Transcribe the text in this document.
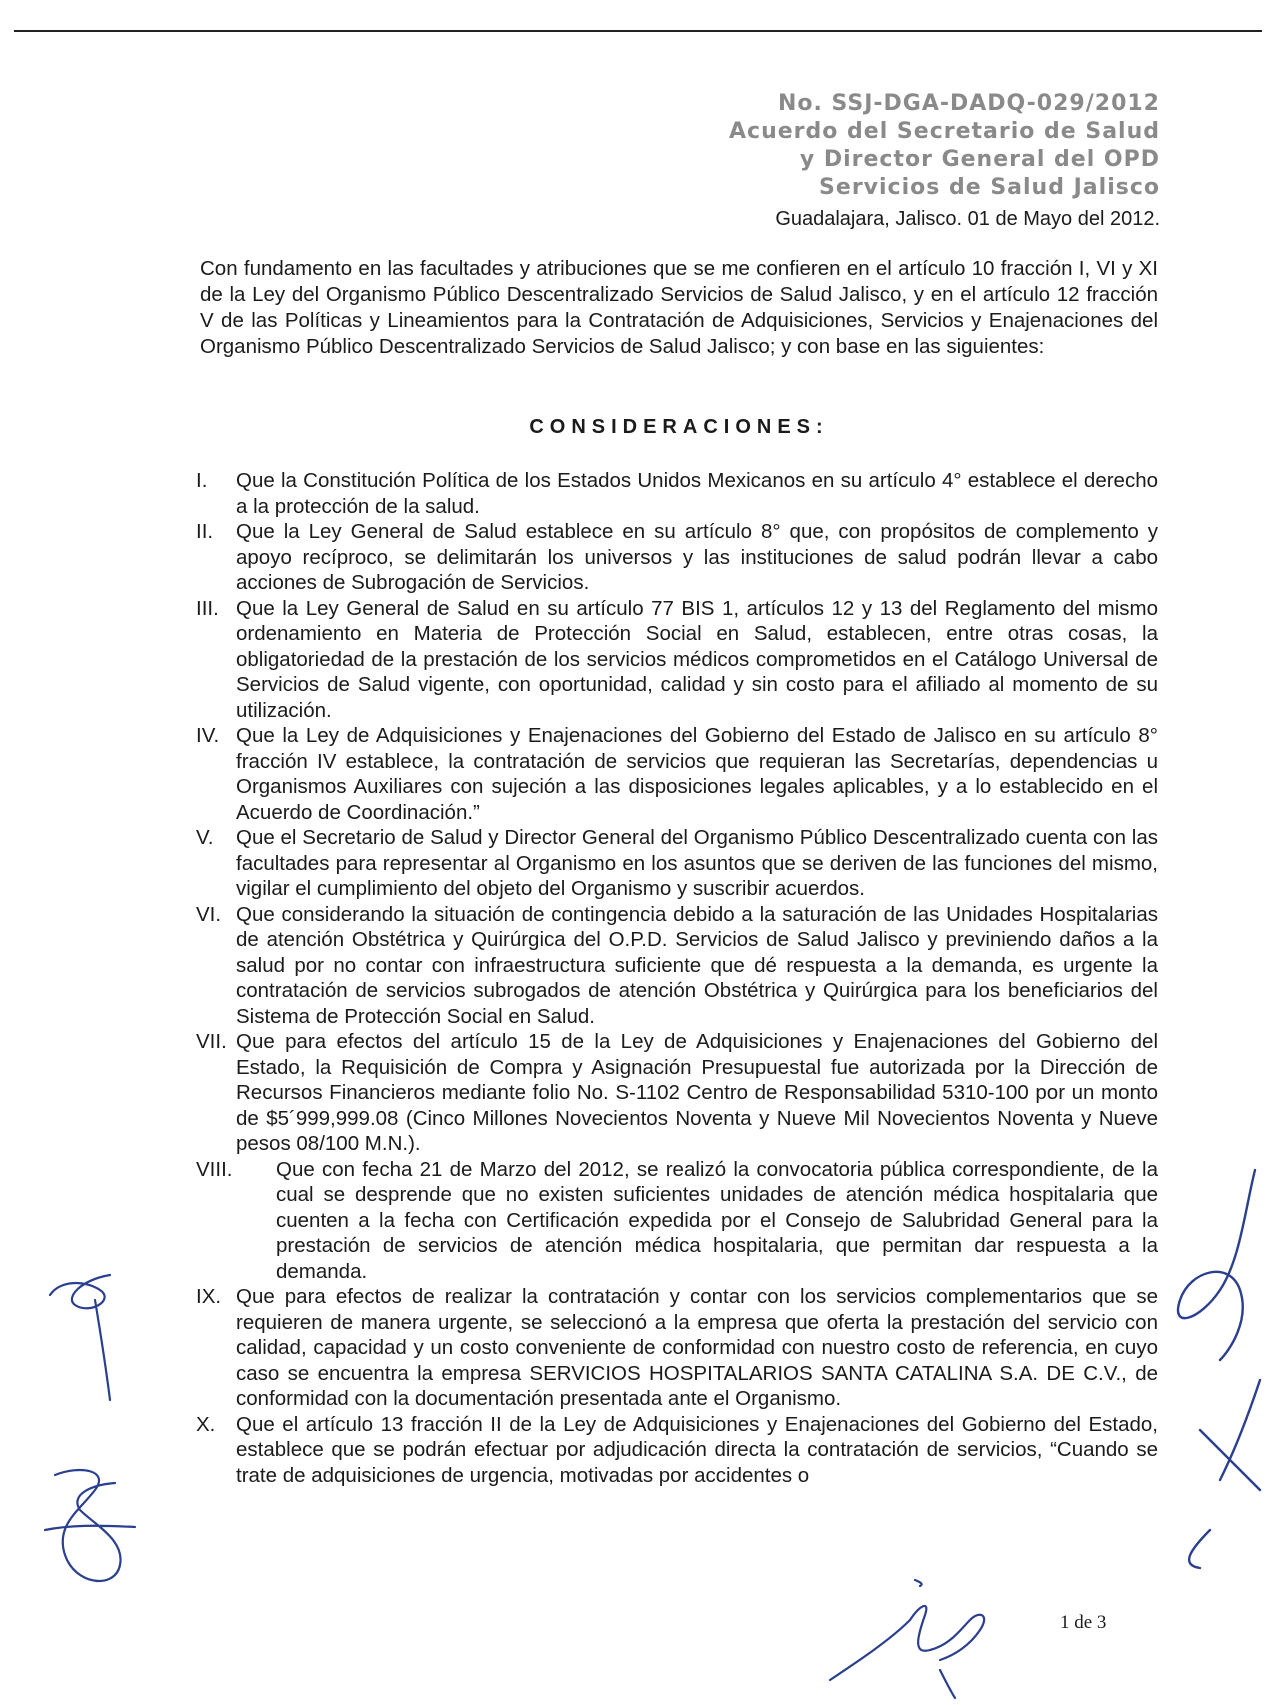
No. SSJ-DGA-DADQ-029/2012
Acuerdo del Secretario de Salud
y Director General del OPD
Servicios de Salud Jalisco
Guadalajara, Jalisco. 01 de Mayo del 2012.
Con fundamento en las facultades y atribuciones que se me confieren en el artículo 10 fracción I, VI y XI de la Ley del Organismo Público Descentralizado Servicios de Salud Jalisco, y en el artículo 12 fracción V de las Políticas y Lineamientos para la Contratación de Adquisiciones, Servicios y Enajenaciones del Organismo Público Descentralizado Servicios de Salud Jalisco; y con base en las siguientes:
CONSIDERACIONES:
I.	Que la Constitución Política de los Estados Unidos Mexicanos en su artículo 4° establece el derecho a la protección de la salud.
II.	Que la Ley General de Salud establece en su artículo 8° que, con propósitos de complemento y apoyo recíproco, se delimitarán los universos y las instituciones de salud podrán llevar a cabo acciones de Subrogación de Servicios.
III. Que la Ley General de Salud en su artículo 77 BIS 1, artículos 12 y 13 del Reglamento del mismo ordenamiento en Materia de Protección Social en Salud, establecen, entre otras cosas, la obligatoriedad de la prestación de los servicios médicos comprometidos en el Catálogo Universal de Servicios de Salud vigente, con oportunidad, calidad y sin costo para el afiliado al momento de su utilización.
IV. Que la Ley de Adquisiciones y Enajenaciones del Gobierno del Estado de Jalisco en su artículo 8° fracción IV establece, la contratación de servicios que requieran las Secretarías, dependencias u Organismos Auxiliares con sujeción a las disposiciones legales aplicables, y a lo establecido en el Acuerdo de Coordinación.”
V.	Que el Secretario de Salud y Director General del Organismo Público Descentralizado cuenta con las facultades para representar al Organismo en los asuntos que se deriven de las funciones del mismo, vigilar el cumplimiento del objeto del Organismo y suscribir acuerdos.
VI. Que considerando la situación de contingencia debido a la saturación de las Unidades Hospitalarias de atención Obstétrica y Quirúrgica del O.P.D. Servicios de Salud Jalisco y previniendo daños a la salud por no contar con infraestructura suficiente que dé respuesta a la demanda, es urgente la contratación de servicios subrogados de atención Obstétrica y Quirúrgica para los beneficiarios del Sistema de Protección Social en Salud.
VII. Que para efectos del artículo 15 de la Ley de Adquisiciones y Enajenaciones del Gobierno del Estado, la Requisición de Compra y Asignación Presupuestal fue autorizada por la Dirección de Recursos Financieros mediante folio No. S-1102 Centro de Responsabilidad 5310-100 por un monto de $5´999,999.08 (Cinco Millones Novecientos Noventa y Nueve Mil Novecientos Noventa y Nueve pesos 08/100 M.N.).
VIII.	Que con fecha 21 de Marzo del 2012, se realizó la convocatoria pública correspondiente, de la cual se desprende que no existen suficientes unidades de atención médica hospitalaria que cuenten a la fecha con Certificación expedida por el Consejo de Salubridad General para la prestación de servicios de atención médica hospitalaria, que permitan dar respuesta a la demanda.
IX. Que para efectos de realizar la contratación y contar con los servicios complementarios que se requieren de manera urgente, se seleccionó a la empresa que oferta la prestación del servicio con calidad, capacidad y un costo conveniente de conformidad con nuestro costo de referencia, en cuyo caso se encuentra la empresa SERVICIOS HOSPITALARIOS SANTA CATALINA S.A. DE C.V., de conformidad con la documentación presentada ante el Organismo.
X.	Que el artículo 13 fracción II de la Ley de Adquisiciones y Enajenaciones del Gobierno del Estado, establece que se podrán efectuar por adjudicación directa la contratación de servicios, “Cuando se trate de adquisiciones de urgencia, motivadas por accidentes o
1 de 3
